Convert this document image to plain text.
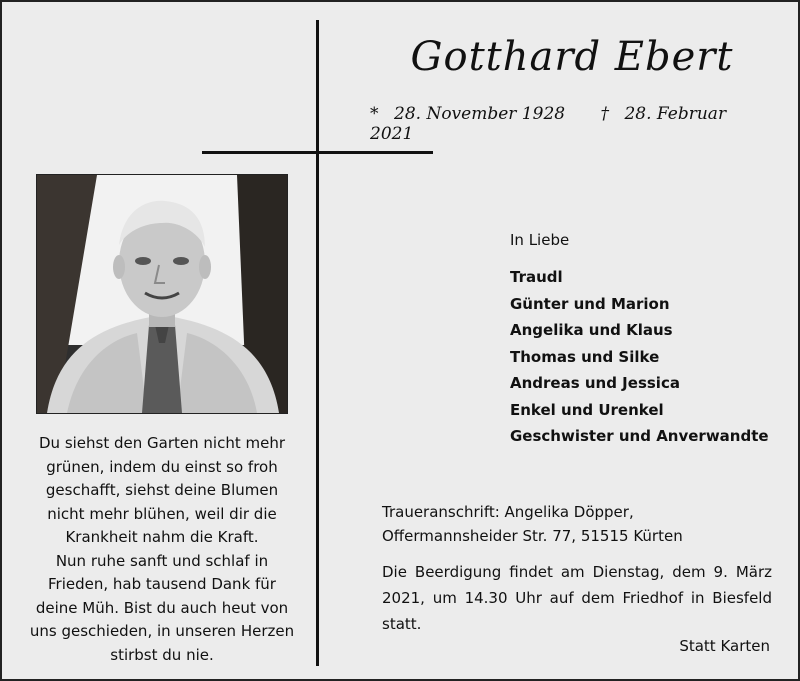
Gotthard Ebert
* 28. November 1928 † 28. Februar 2021
Du siehst den Garten nicht mehr
grünen, indem du einst so froh
geschafft, siehst deine Blumen
nicht mehr blühen, weil dir die
Krankheit nahm die Kraft.
Nun ruhe sanft und schlaf in
Frieden, hab tausend Dank für
deine Müh. Bist du auch heut von
uns geschieden, in unseren Herzen
stirbst du nie.
In Liebe
Traudl
Günter und Marion
Angelika und Klaus
Thomas und Silke
Andreas und Jessica
Enkel und Urenkel
Geschwister und Anverwandte
Traueranschrift: Angelika Döpper,
Offermannsheider Str. 77, 51515 Kürten
Die Beerdigung findet am Dienstag, dem 9. März
2021, um 14.30 Uhr auf dem Friedhof in Biesfeld
statt.
Statt Karten
